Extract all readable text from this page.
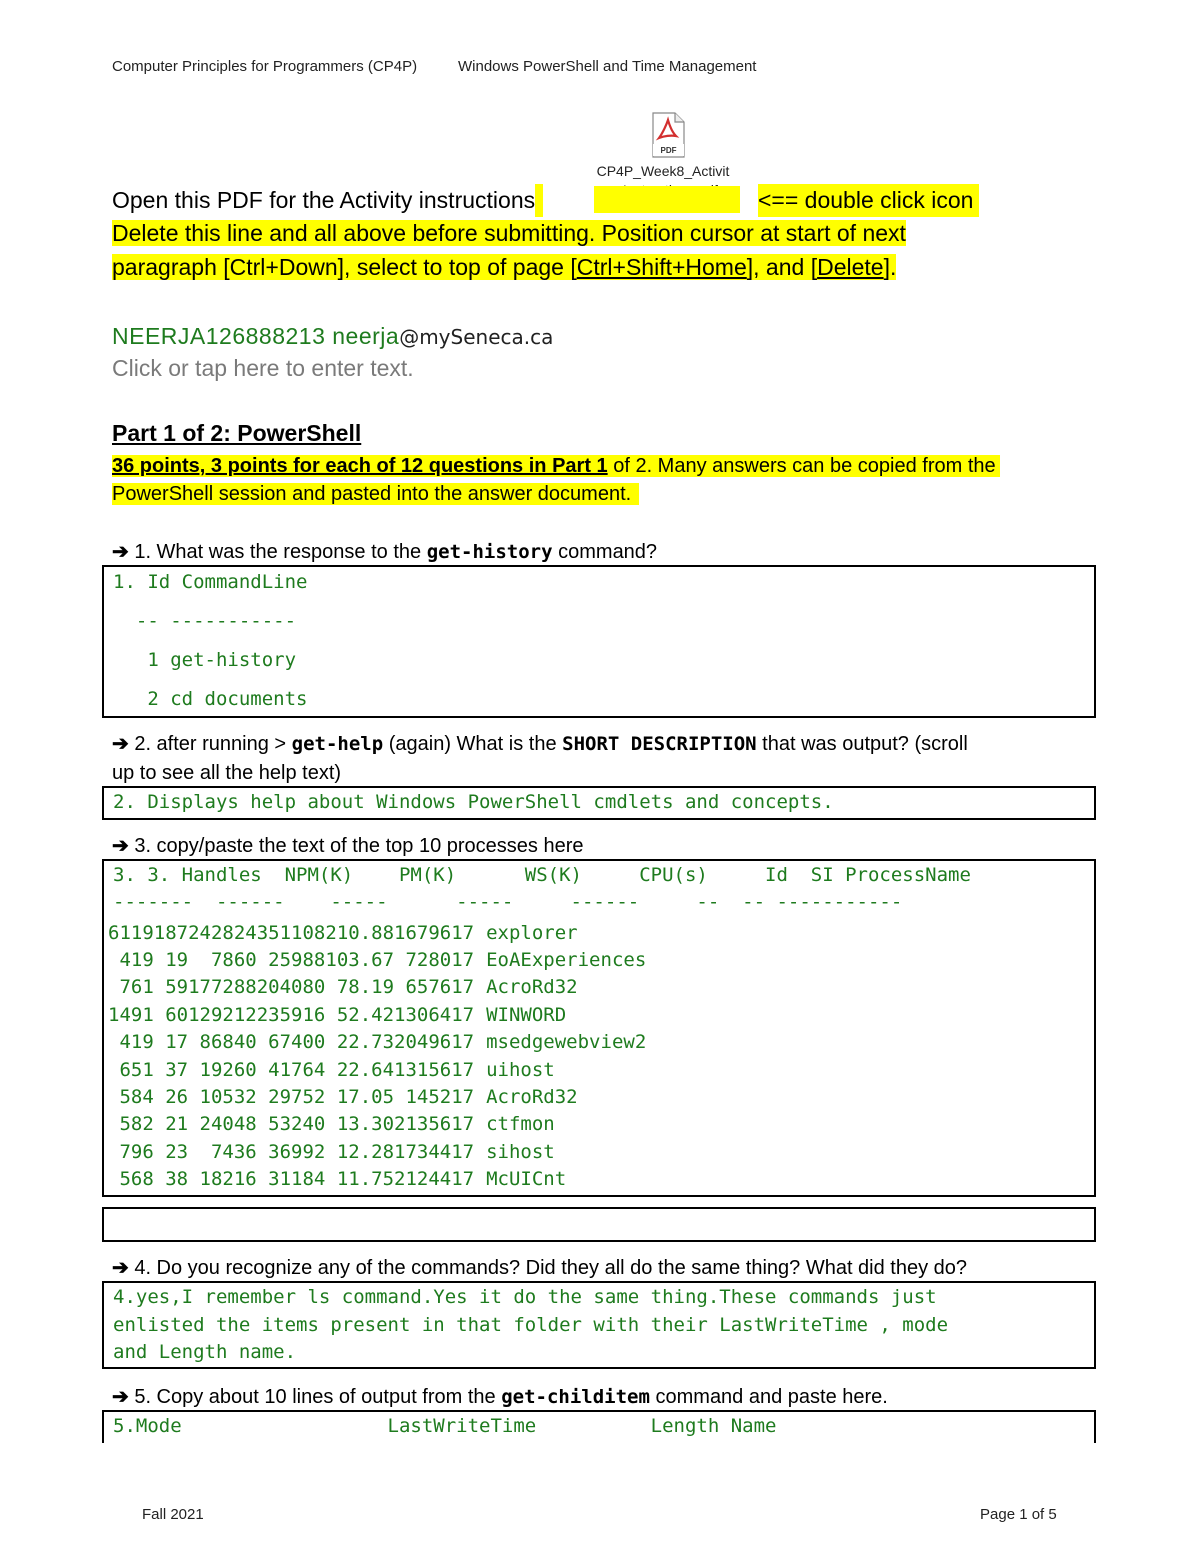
Computer Principles for Programmers (CP4P)	Windows PowerShell and Time Management
PDF
CP4P_Week8_Activit

Open this PDF for the Activity instructions	<== double click icon
Delete this line and all above before submitting. Position cursor at start of next
paragraph [Ctrl+Down], select to top of page [Ctrl+Shift+Home], and [Delete].
NEERJA126888213 neerja@mySeneca.ca
Click or tap here to enter text.
Part 1 of 2: PowerShell
36 points, 3 points for each of 12 questions in Part 1 of 2. Many answers can be copied from the
PowerShell session and pasted into the answer document.
➔ 1. What was the response to the get-history command?
1. Id CommandLine
-- -----------
1 get-history
2 cd documents
➔ 2. after running > get-help (again) What is the SHORT DESCRIPTION that was output? (scroll
up to see all the help text)
2. Displays help about Windows PowerShell cmdlets and concepts.
➔ 3. copy/paste the text of the top 10 processes here
3. 3. Handles  NPM(K)    PM(K)      WS(K)     CPU(s)     Id  SI ProcessName
-------  ------    -----      -----     ------     --  -- -----------
6119	187	242824	351108	210.88	16796	17	explorer
419	19	7860	25988	103.67	7280	17	EoAExperiences
761	59	177288	204080	78.19	6576	17	AcroRd32
1491	60	129212	235916	52.42	13064	17	WINWORD
419	17	86840	67400	22.73	20496	17	msedgewebview2
651	37	19260	41764	22.64	13156	17	uihost
584	26	10532	29752	17.05	1452	17	AcroRd32
582	21	24048	53240	13.30	21356	17	ctfmon
796	23	7436	36992	12.28	17344	17	sihost
568	38	18216	31184	11.75	21244	17	McUICnt
➔ 4. Do you recognize any of the commands? Did they all do the same thing? What did they do?
4.yes,I remember ls command.Yes it do the same thing.These commands just
enlisted the items present in that folder with their LastWriteTime , mode
and Length name.
➔ 5. Copy about 10 lines of output from the get-childitem command and paste here.
5.Mode                  LastWriteTime          Length Name
Fall 2021	Page 1 of 5
